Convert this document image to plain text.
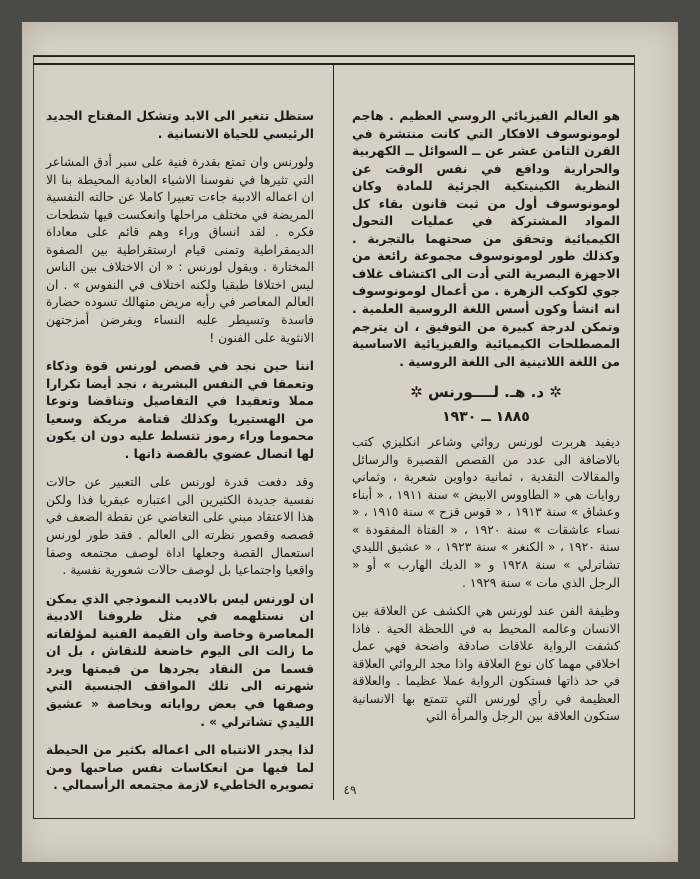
هو العالم الفيزيائي الروسي العظيم . هاجم لومونوسوف الافكار التي كانت منتشرة في القرن الثامن عشر عن ــ السوائل ــ الكهربية والحرارية ودافع في نفس الوقت عن النظرية الكينيتكية الجزئية للمادة وكان لومونوسوف أول من ثبت قانون بقاء كل المواد المشتركة في عمليات التحول الكيميائية وتحقق من صحتهما بالتجربة . وكذلك طور لومونوسوف مجموعة رائعة من الاجهزة البصرية التي أدت الى اكتشاف غلاف جوي لكوكب الزهرة . من أعمال لومونوسوف انه انشأ وكون أسس اللغة الروسية العلمية . وتمكن لدرجة كبيرة من التوفيق ، ان يترجم المصطلحات الكيميائية والفيزيائية الاساسية من اللغة اللاتينية الى اللغة الروسية .

✲ د. هـ. لــــورنس ✲
١٨٨٥ ــ ١٩٣٠

ديفيد هربرت لورنس روائي وشاعر انكليزي كتب بالاضافة الى عدد من القصص القصيرة والرسائل والمقالات النقدية ، ثمانية دواوين شعرية ، وثماني روايات هي « الطاووس الابيض » سنة ١٩١١ ، « أبناء وعشاق » سنة ١٩١٣ ، « قوس قزح » سنة ١٩١٥ ، « نساء عاشقات » سنة ١٩٢٠ ، « الفتاة المفقودة » سنة ١٩٢٠ ، « الكنغر » سنة ١٩٢٣ ، « عشيق الليدي تشاترلي » سنة ١٩٢٨ و « الديك الهارب » أو « الرجل الذي مات » سنة ١٩٢٩ .

وظيفة الفن عند لورنس هي الكشف عن العلاقة بين الانسان وعالمه المحيط به في اللحظة الحية . فاذا كشفت الرواية علاقات صادقة واضحة فهي عمل اخلاقي مهما كان نوع العلاقة واذا مجد الروائي العلاقة في حد ذاتها فستكون الرواية عملا عظيما . والعلاقة العظيمة في رأي لورنس التي تتمتع بها الانسانية ستكون العلاقة بين الرجل والمرأة التي

ستظل تتغير الى الابد وتشكل المفتاح الجديد الرئيسي للحياة الانسانية .

ولورنس وان تمتع بقدرة فنية على سبر أدق المشاعر التي تثيرها في نفوسنا الاشياء العادية المحيطة بنا الا ان اعماله الادبية جاءت تعبيرا كاملا عن حالته النفسية المريضة في مختلف مراحلها وانعكست فيها شطحات فكره . لقد انساق وراء وهم قائم على معاداة الديمقراطية وتمنى قيام ارستقراطية بين الصفوة المختارة . ويقول لورنس : « ان الاختلاف بين الناس ليس اختلافا طبقيا ولكنه اختلاف في النفوس » . ان العالم المعاصر في رأيه مريض متهالك تسوده حضارة فاسدة وتسيطر عليه النساء ويفرضن أمزجتهن الانثوية على الفنون !

اننا حين نجد في قصص لورنس قوة وذكاء وتعمقا في النفس البشرية ، نجد أيضا تكرارا مملا وتعقيدا في التفاصيل وتناقضا ونوعا من الهستيريا وكذلك قتامة مريكة وسعيا محموما وراء رموز تتسلط عليه دون ان يكون لها اتصال عضوي بالقصة ذاتها .

وقد دفعت قدرة لورنس على التعبير عن حالات نفسية جديدة الكثيرين الى اعتباره عبقريا فذا ولكن هذا الاعتقاد مبني على التغاضي عن نقطة الضعف في قصصه وقصور نظرته الى العالم . فقد طور لورنس استعمال القصة وجعلها اداة لوصف مجتمعه وصفا واقعيا واجتماعيا بل لوصف حالات شعورية نفسية .

ان لورنس ليس بالاديب النموذجي الذي يمكن ان نستلهمه في مثل ظروفنا الادبية المعاصرة وخاصة وان القيمة الفنية لمؤلفاته ما زالت الى اليوم خاضعة للنقاش ، بل ان قسما من النقاد يجردها من قيمتها ويرد شهرته الى تلك المواقف الجنسية التي وصفها في بعض رواياته وبخاصة « عشيق الليدي تشاترلي » .

لذا يجدر الانتباه الى اعماله بكثير من الحيطة لما فيها من انعكاسات نفس صاحبها ومن تصويره الخاطيء لازمة مجتمعه الرأسمالي .	٤٩
